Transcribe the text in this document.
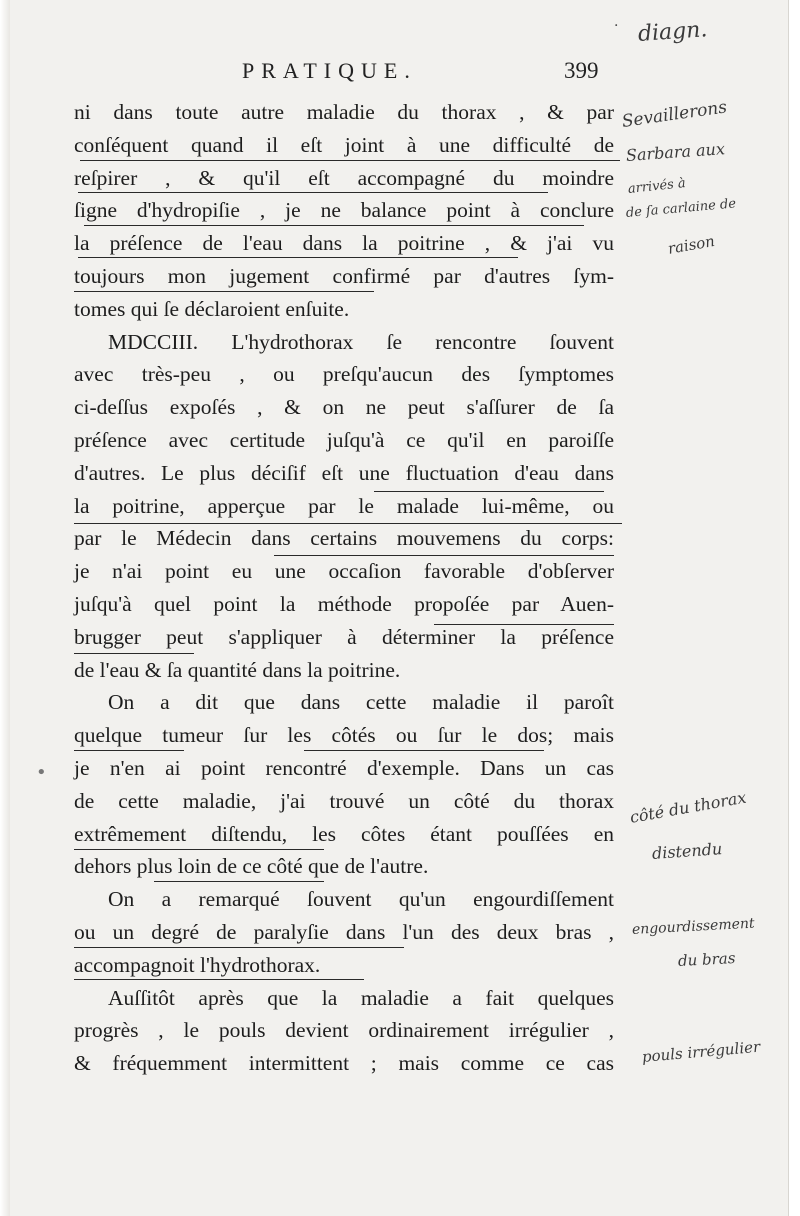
PRATIQUE.	399
ni dans toute autre maladie du thorax , & par
conſéquent quand il eſt joint à une difficulté de
reſpirer , & qu'il eſt accompagné du moindre
ſigne d'hydropiſie , je ne balance point à conclure
la préſence de l'eau dans la poitrine , & j'ai vu
toujours mon jugement confirmé par d'autres ſym-
tomes qui ſe déclaroient enſuite.
MDCCIII. L'hydrothorax ſe rencontre ſouvent
avec très-peu , ou preſqu'aucun des ſymptomes
ci-deſſus expoſés , & on ne peut s'aſſurer de ſa
préſence avec certitude juſqu'à ce qu'il en paroiſſe
d'autres. Le plus déciſif eſt une fluctuation d'eau dans
la poitrine, apperçue par le malade lui-même, ou
par le Médecin dans certains mouvemens du corps:
je n'ai point eu une occaſion favorable d'obſerver
juſqu'à quel point la méthode propoſée par Auen-
brugger peut s'appliquer à déterminer la préſence
de l'eau & ſa quantité dans la poitrine.
On a dit que dans cette maladie il paroît
quelque tumeur ſur les côtés ou ſur le dos; mais
je n'en ai point rencontré d'exemple. Dans un cas
de cette maladie, j'ai trouvé un côté du thorax
extrêmement diſtendu, les côtes étant pouſſées en
dehors plus loin de ce côté que de l'autre.
On a remarqué ſouvent qu'un engourdiſſement
ou un degré de paralyſie dans l'un des deux bras ,
accompagnoit l'hydrothorax.
Auſſitôt après que la maladie a fait quelques
progrès , le pouls devient ordinairement irrégulier ,
& fréquemment intermittent ; mais comme ce cas
diagn.
Sevaillerons
Sarbara aux
arrivés à
de ſa carlaine de
raison
côté du thorax
distendu
engourdissement
du bras
pouls irrégulier
·
•
